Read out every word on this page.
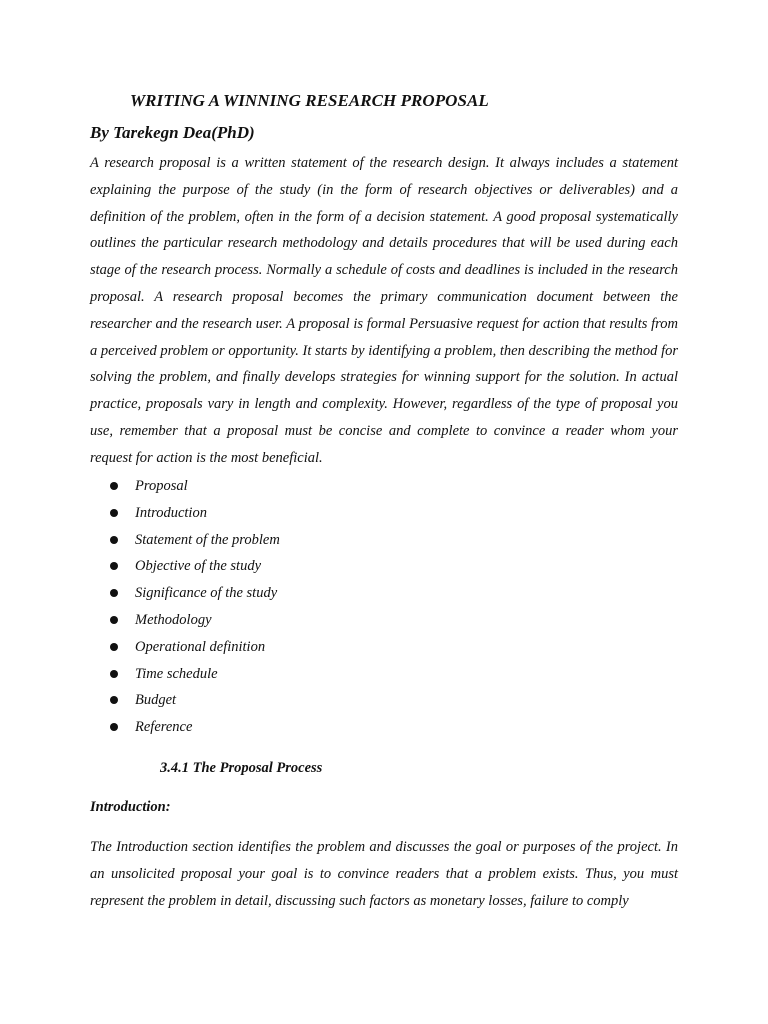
WRITING A WINNING RESEARCH PROPOSAL
By Tarekegn Dea(PhD)

A research proposal is a written statement of the research design. It always includes a statement explaining the purpose of the study (in the form of research objectives or deliverables) and a definition of the problem, often in the form of a decision statement. A good proposal systematically outlines the particular research methodology and details procedures that will be used during each stage of the research process. Normally a schedule of costs and deadlines is included in the research proposal. A research proposal becomes the primary communication document between the researcher and the research user. A proposal is formal Persuasive request for action that results from a perceived problem or opportunity. It starts by identifying a problem, then describing the method for solving the problem, and finally develops strategies for winning support for the solution. In actual practice, proposals vary in length and complexity. However, regardless of the type of proposal you use, remember that a proposal must be concise and complete to convince a reader whom your request for action is the most beneficial.

Proposal
Introduction
Statement of the problem
Objective of the study
Significance of the study
Methodology
Operational definition
Time schedule
Budget
Reference
3.4.1 The Proposal Process
Introduction:

The Introduction section identifies the problem and discusses the goal or purposes of the project. In an unsolicited proposal your goal is to convince readers that a problem exists. Thus, you must represent the problem in detail, discussing such factors as monetary losses, failure to comply
